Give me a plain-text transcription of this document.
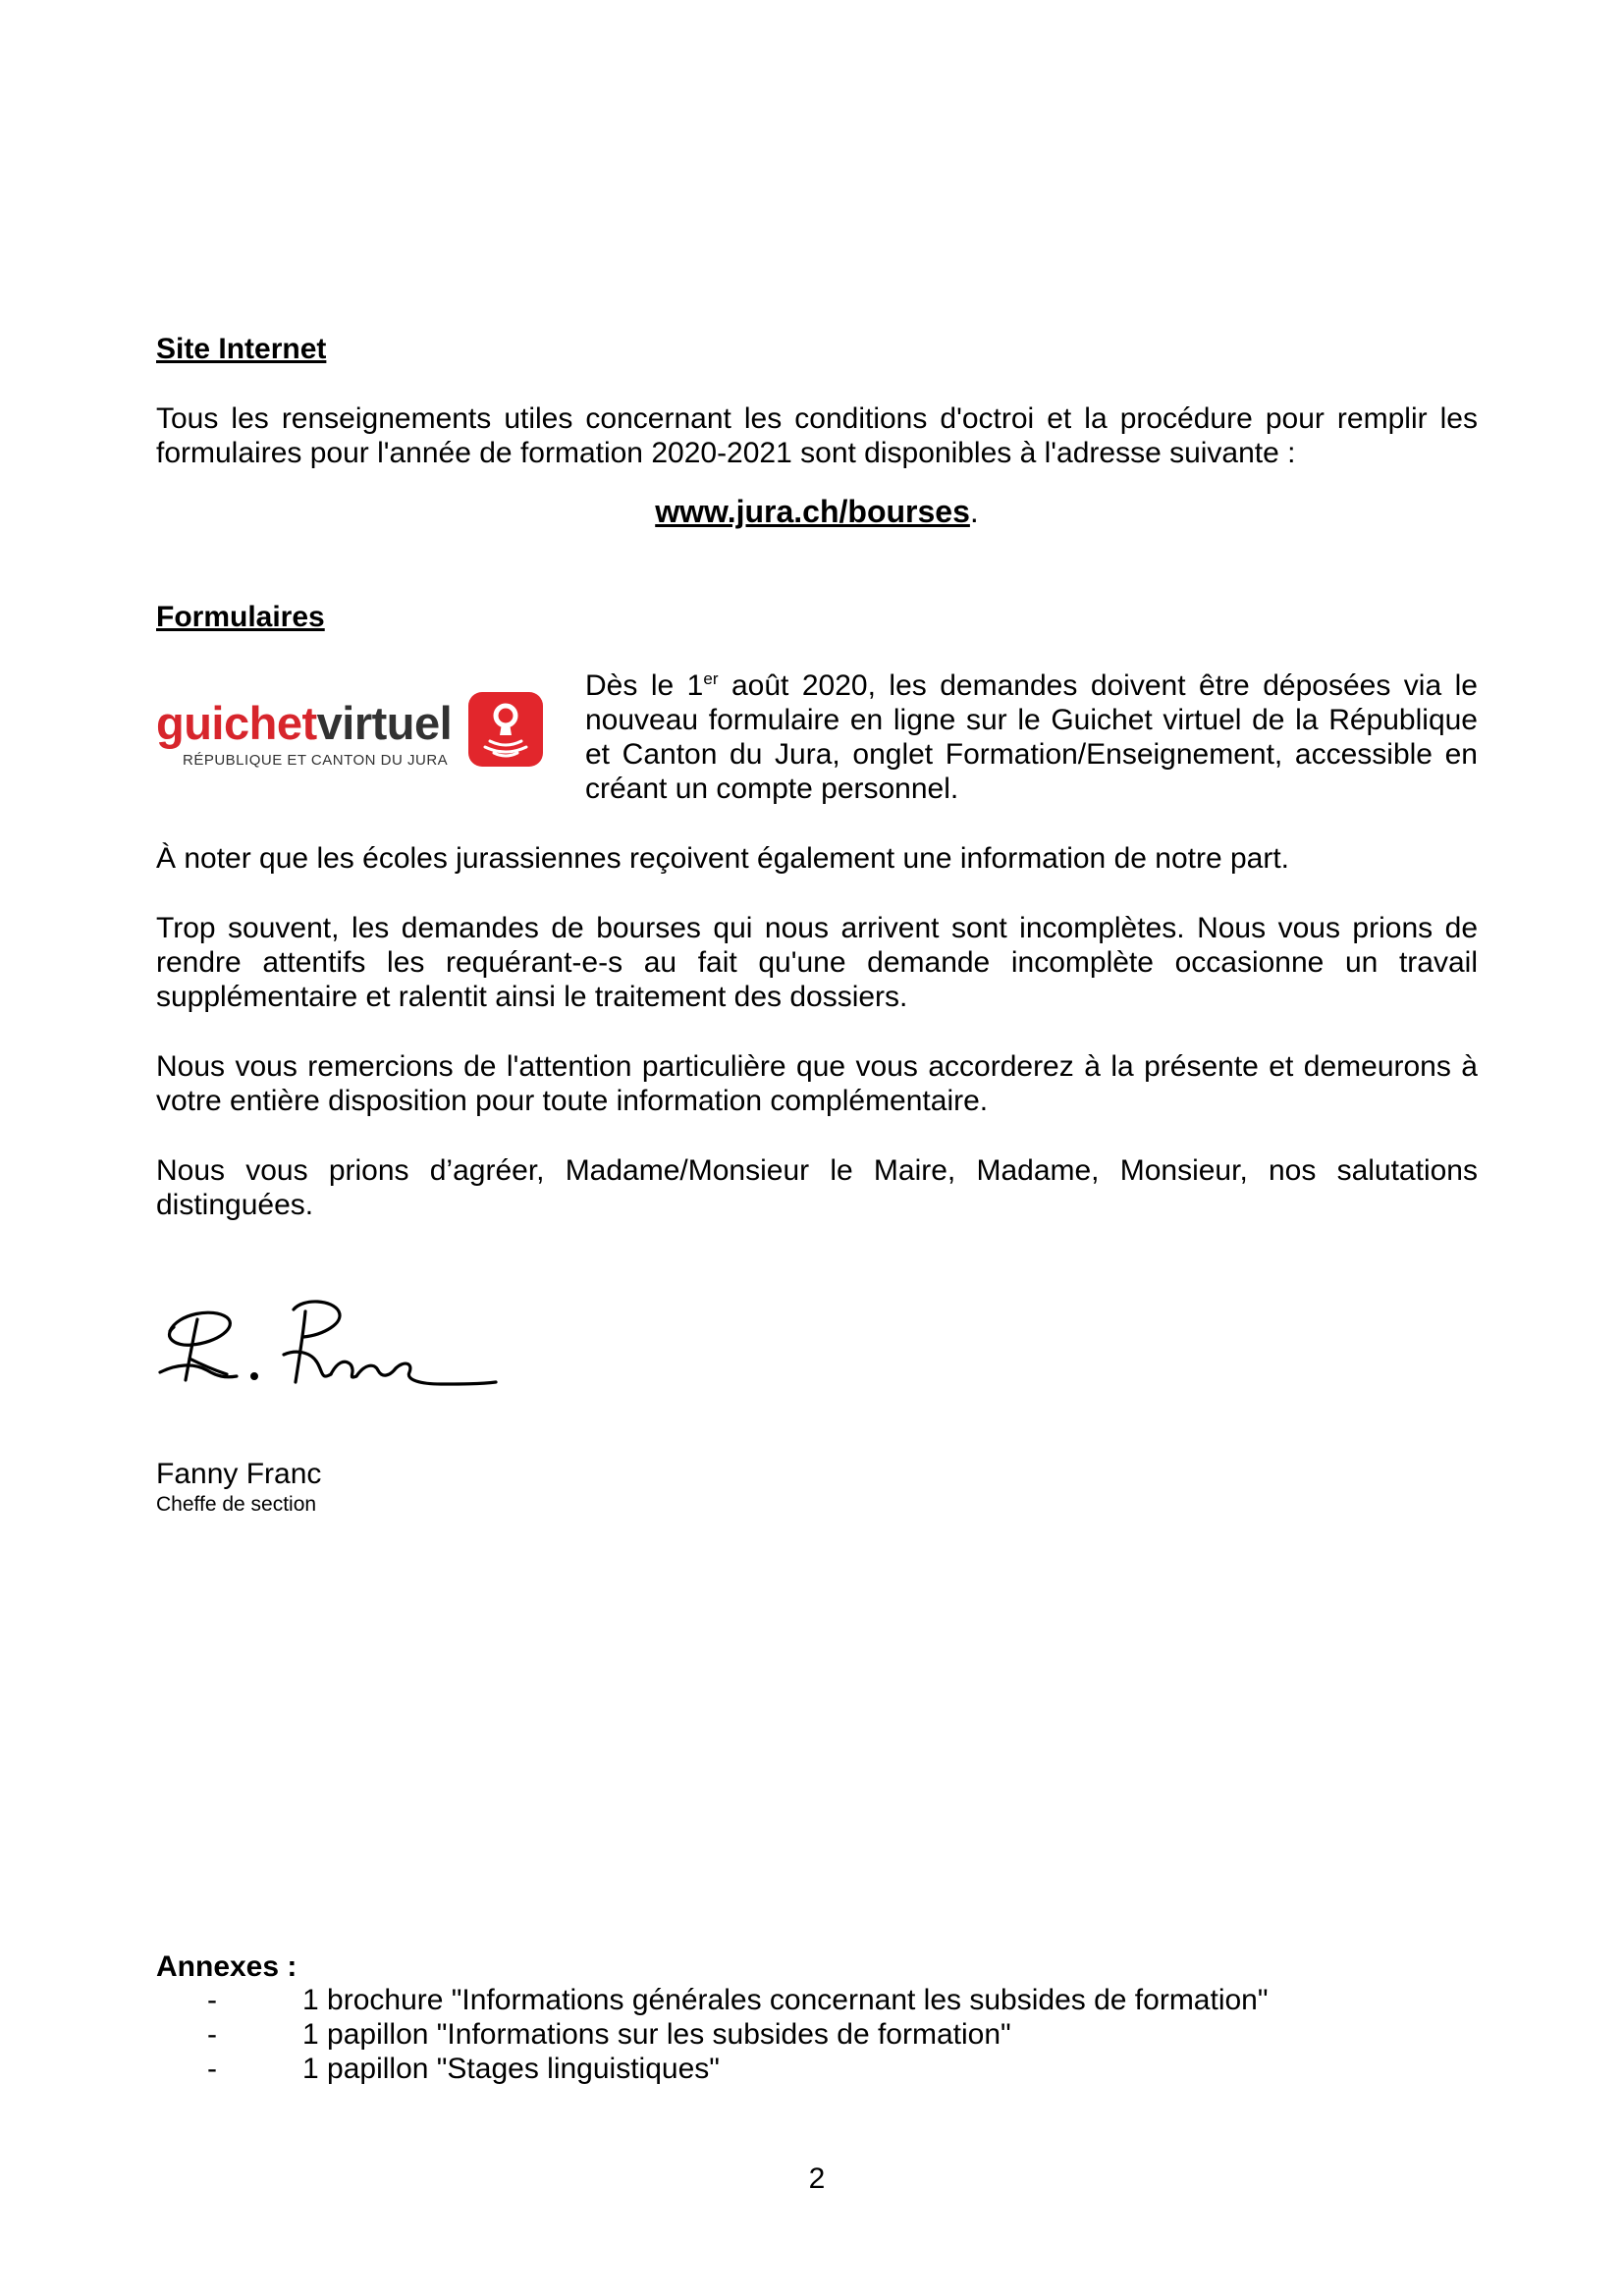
Site Internet

Tous les renseignements utiles concernant les conditions d'octroi et la procédure pour remplir les formulaires pour l'année de formation 2020-2021 sont disponibles à l'adresse suivante :

www.jura.ch/bourses.
Formulaires
guichetvirtuel
RÉPUBLIQUE ET CANTON DU JURA

Dès le 1er août 2020, les demandes doivent être déposées via le nouveau formulaire en ligne sur le Guichet virtuel de la République et Canton du Jura, onglet Formation/Enseignement, accessible en créant un compte personnel.

À noter que les écoles jurassiennes reçoivent également une information de notre part.

Trop souvent, les demandes de bourses qui nous arrivent sont incomplètes. Nous vous prions de rendre attentifs les requérant-e-s au fait qu'une demande incomplète occasionne un travail supplémentaire et ralentit ainsi le traitement des dossiers.

Nous vous remercions de l'attention particulière que vous accorderez à la présente et demeurons à votre entière disposition pour toute information complémentaire.

Nous vous prions d’agréer, Madame/Monsieur le Maire, Madame, Monsieur, nos salutations distinguées.

Fanny Franc
Cheffe de section
Annexes :
-	1 brochure "Informations générales concernant les subsides de formation"
-	1 papillon "Informations sur les subsides de formation"
-	1 papillon "Stages linguistiques"
2
